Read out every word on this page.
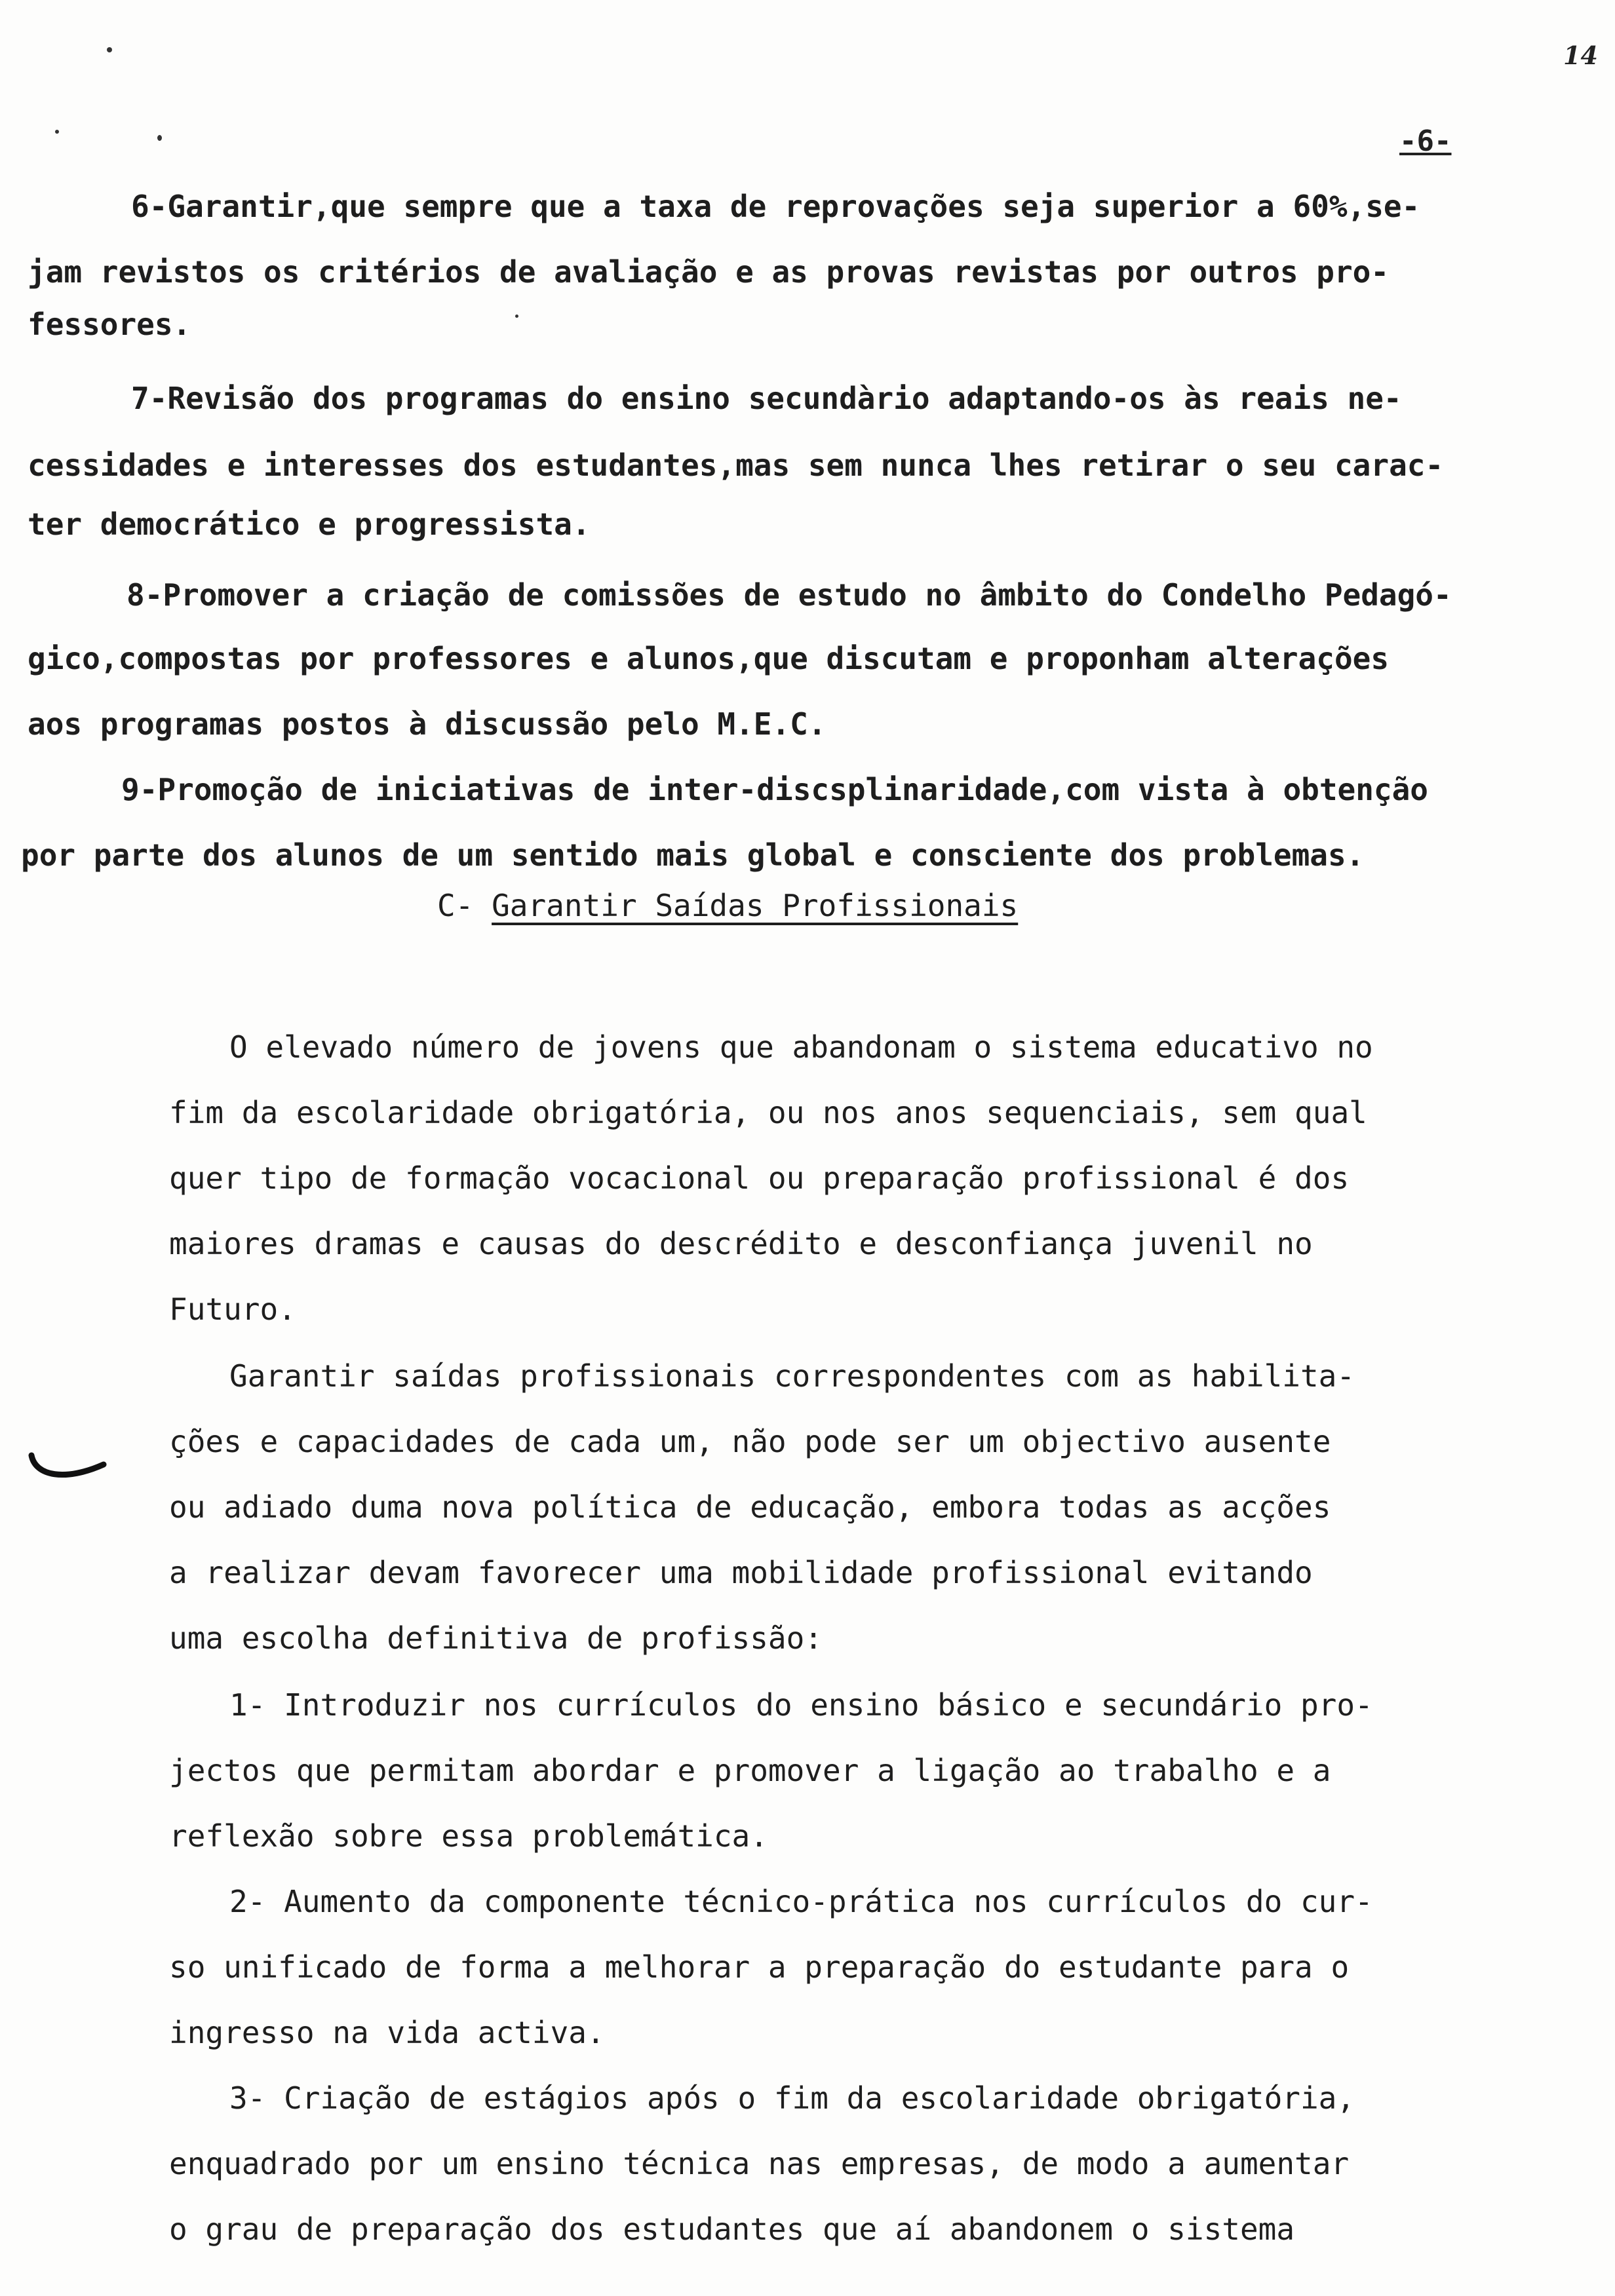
14
-6-
6-Garantir,que sempre que a taxa de reprovações seja superior a 60%,se-
jam revistos os critérios de avaliação e as provas revistas por outros pro-
fessores.
7-Revisão dos programas do ensino secundàrio adaptando-os às reais ne-
cessidades e interesses dos estudantes,mas sem nunca lhes retirar o seu carac-
ter democrático e progressista.
8-Promover a criação de comissões de estudo no âmbito do Condelho Pedagó-
gico,compostas por professores e alunos,que discutam e proponham alterações
aos programas postos à discussão pelo M.E.C.
9-Promoção de iniciativas de inter-discsplinaridade,com vista à obtenção
por parte dos alunos de um sentido mais global e consciente dos problemas.
C- Garantir Saídas Profissionais
O elevado número de jovens que abandonam o sistema educativo no
fim da escolaridade obrigatória, ou nos anos sequenciais, sem qual
quer tipo de formação vocacional ou preparação profissional é dos
maiores dramas e causas do descrédito e desconfiança juvenil no
Futuro.
Garantir saídas profissionais correspondentes com as habilita-
ções e capacidades de cada um, não pode ser um objectivo ausente
ou adiado duma nova política de educação, embora todas as acções
a realizar devam favorecer uma mobilidade profissional evitando
uma escolha definitiva de profissão:
1- Introduzir nos currículos do ensino básico e secundário pro-
jectos que permitam abordar e promover a ligação ao trabalho e a
reflexão sobre essa problemática.
2- Aumento da componente técnico-prática nos currículos do cur-
so unificado de forma a melhorar a preparação do estudante para o
ingresso na vida activa.
3- Criação de estágios após o fim da escolaridade obrigatória,
enquadrado por um ensino técnica nas empresas, de modo a aumentar
o grau de preparação dos estudantes que aí abandonem o sistema
